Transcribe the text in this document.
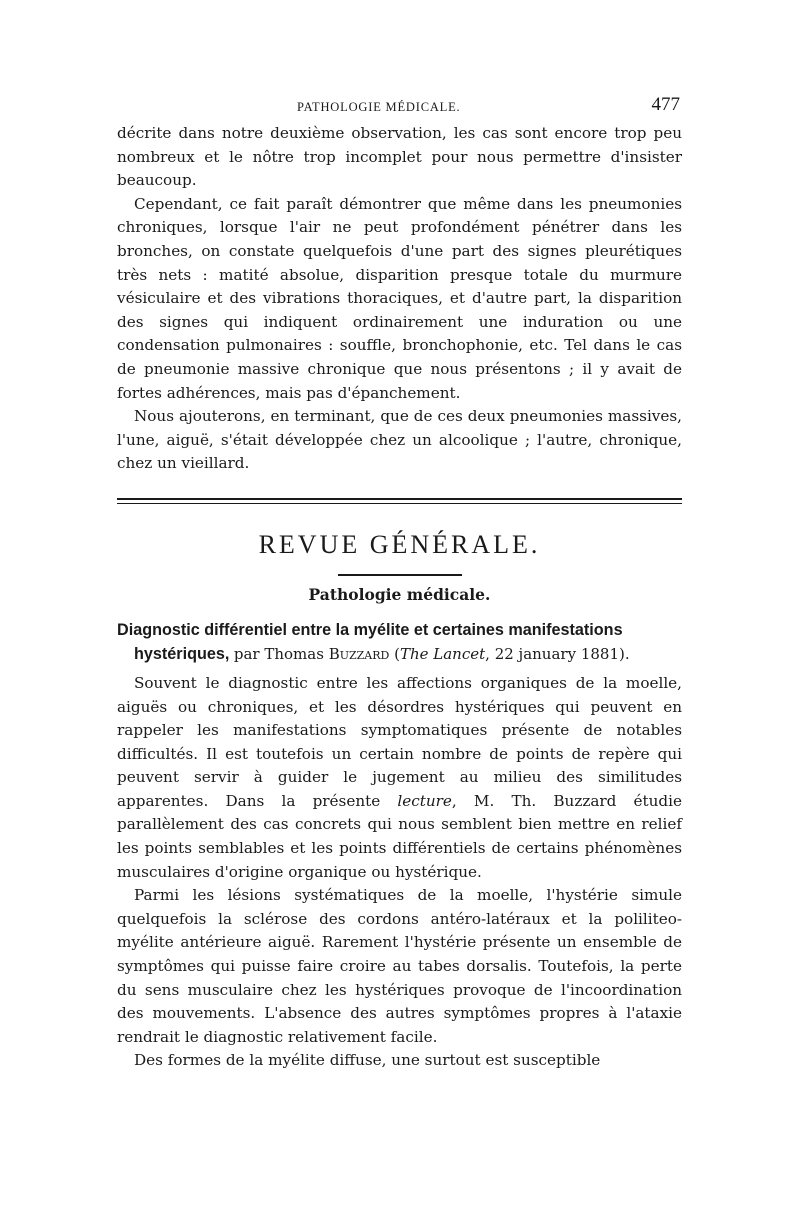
PATHOLOGIE MÉDICALE.	477

décrite dans notre deuxième observation, les cas sont encore trop peu nombreux et le nôtre trop incomplet pour nous permettre d'insister beaucoup.

Cependant, ce fait paraît démontrer que même dans les pneumonies chroniques, lorsque l'air ne peut profondément pénétrer dans les bronches, on constate quelquefois d'une part des signes pleurétiques très nets : matité absolue, disparition presque totale du murmure vésiculaire et des vibrations thoraciques, et d'autre part, la disparition des signes qui indiquent ordinairement une induration ou une condensation pulmonaires : souffle, bronchophonie, etc. Tel dans le cas de pneumonie massive chronique que nous présentons ; il y avait de fortes adhérences, mais pas d'épanchement.

Nous ajouterons, en terminant, que de ces deux pneumonies massives, l'une, aiguë, s'était développée chez un alcoolique ; l'autre, chronique, chez un vieillard.

REVUE GÉNÉRALE.
Pathologie médicale.
Diagnostic différentiel entre la myélite et certaines manifestations
hystériques, par Thomas Buzzard (The Lancet, 22 january 1881).

Souvent le diagnostic entre les affections organiques de la moelle, aiguës ou chroniques, et les désordres hystériques qui peuvent en rappeler les manifestations symptomatiques présente de notables difficultés. Il est toutefois un certain nombre de points de repère qui peuvent servir à guider le jugement au milieu des similitudes apparentes. Dans la présente lecture, M. Th. Buzzard étudie parallèlement des cas concrets qui nous semblent bien mettre en relief les points semblables et les points différentiels de certains phénomènes musculaires d'origine organique ou hystérique.

Parmi les lésions systématiques de la moelle, l'hystérie simule quelquefois la sclérose des cordons antéro-latéraux et la poliliteo-myélite antérieure aiguë. Rarement l'hystérie présente un ensemble de symptômes qui puisse faire croire au tabes dorsalis. Toutefois, la perte du sens musculaire chez les hystériques provoque de l'incoordination des mouvements. L'absence des autres symptômes propres à l'ataxie rendrait le diagnostic relativement facile.

Des formes de la myélite diffuse, une surtout est susceptible
